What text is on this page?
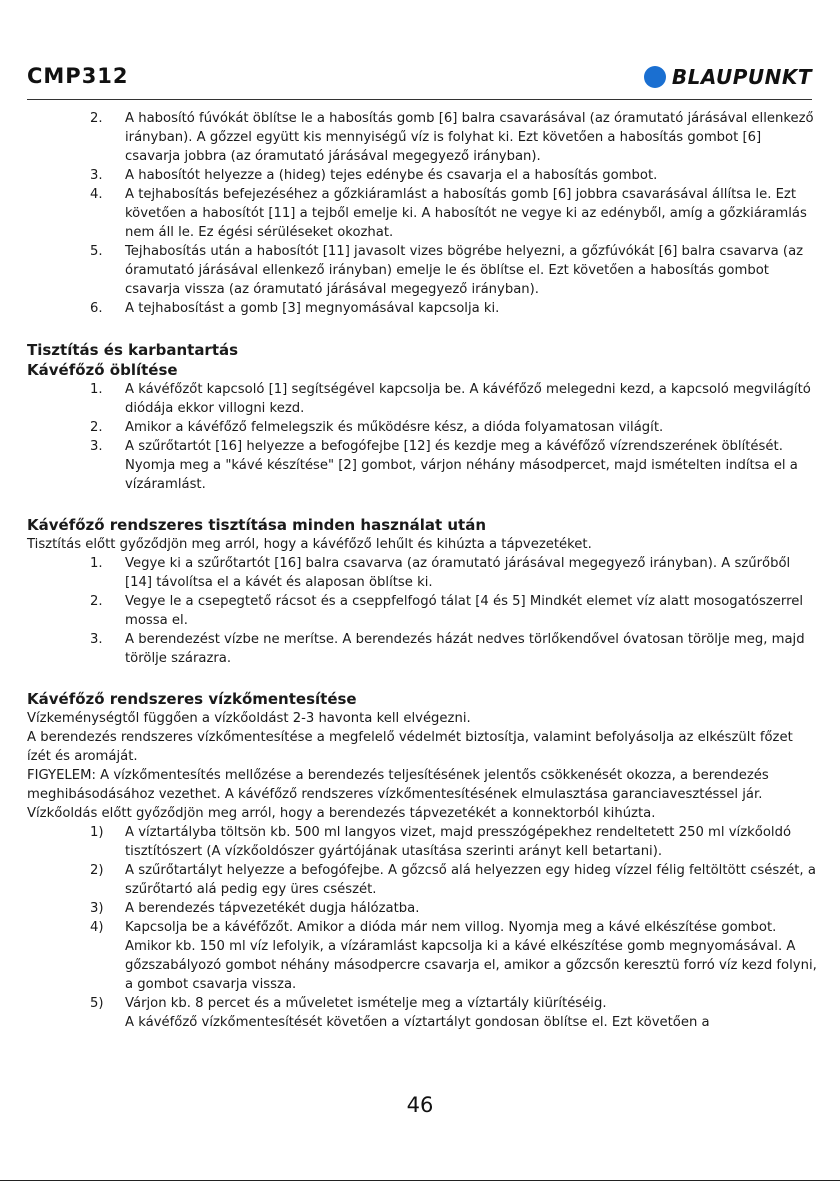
CMP312	BLAUPUNKT
2. A habosító fúvókát öblítse le a habosítás gomb [6] balra csavarásával (az óramutató járásával ellenkező irányban). A gőzzel együtt kis mennyiségű víz is folyhat ki. Ezt követően a habosítás gombot [6] csavarja jobbra (az óramutató járásával megegyező irányban).
3. A habosítót helyezze a (hideg) tejes edénybe és csavarja el a habosítás gombot.
4. A tejhabosítás befejezéséhez a gőzkiáramlást a habosítás gomb [6] jobbra csavarásával állítsa le. Ezt követően a habosítót [11] a tejből emelje ki. A habosítót ne vegye ki az edényből, amíg a gőzkiáramlás nem áll le. Ez égési sérüléseket okozhat.
5. Tejhabosítás után a habosítót [11] javasolt vizes bögrébe helyezni, a gőzfúvókát [6] balra csavarva (az óramutató járásával ellenkező irányban) emelje le és öblítse el. Ezt követően a habosítás gombot csavarja vissza (az óramutató járásával megegyező irányban).
6. A tejhabosítást a gomb [3] megnyomásával kapcsolja ki.
Tisztítás és karbantartás
Kávéfőző öblítése
1. A kávéfőzőt kapcsoló [1] segítségével kapcsolja be. A kávéfőző melegedni kezd, a kapcsoló megvilágító diódája ekkor villogni kezd.
2. Amikor a kávéfőző felmelegszik és működésre kész, a dióda folyamatosan világít.
3. A szűrőtartót [16] helyezze a befogófejbe [12] és kezdje meg a kávéfőző vízrendszerének öblítését. Nyomja meg a "kávé készítése" [2] gombot, várjon néhány másodpercet, majd ismételten indítsa el a vízáramlást.
Kávéfőző rendszeres tisztítása minden használat után

Tisztítás előtt győződjön meg arról, hogy a kávéfőző lehűlt és kihúzta a tápvezetéket.

1. Vegye ki a szűrőtartót [16] balra csavarva (az óramutató járásával megegyező irányban). A szűrőből [14] távolítsa el a kávét és alaposan öblítse ki.
2. Vegye le a csepegtető rácsot és a cseppfelfogó tálat [4 és 5] Mindkét elemet víz alatt mosogatószerrel mossa el.
3. A berendezést vízbe ne merítse. A berendezés házát nedves törlőkendővel óvatosan törölje meg, majd törölje szárazra.
Kávéfőző rendszeres vízkőmentesítése

Vízkeménységtől függően a vízkőoldást 2-3 havonta kell elvégezni.

A berendezés rendszeres vízkőmentesítése a megfelelő védelmét biztosítja, valamint befolyásolja az elkészült főzet ízét és aromáját.

FIGYELEM: A vízkőmentesítés mellőzése a berendezés teljesítésének jelentős csökkenését okozza, a berendezés meghibásodásához vezethet. A kávéfőző rendszeres vízkőmentesítésének elmulasztása garanciavesztéssel jár.

Vízkőoldás előtt győződjön meg arról, hogy a berendezés tápvezetékét a konnektorból kihúzta.

1) A víztartályba töltsön kb. 500 ml langyos vizet, majd presszógépekhez rendeltetett 250 ml vízkőoldó tisztítószert (A vízkőoldószer gyártójának utasítása szerinti arányt kell betartani).
2) A szűrőtartályt helyezze a befogófejbe. A gőzcső alá helyezzen egy hideg vízzel félig feltöltött csészét, a szűrőtartó alá pedig egy üres csészét.
3) A berendezés tápvezetékét dugja hálózatba.
4) Kapcsolja be a kávéfőzőt. Amikor a dióda már nem villog. Nyomja meg a kávé elkészítése gombot. Amikor kb. 150 ml víz lefolyik, a vízáramlást kapcsolja ki a kávé elkészítése gomb megnyomásával. A gőzszabályozó gombot néhány másodpercre csavarja el, amikor a gőzcsőn keresztü forró víz kezd folyni, a gombot csavarja vissza.
5) Várjon kb. 8 percet és a műveletet ismételje meg a víztartály kiürítéséig.
A kávéfőző vízkőmentesítését követően a víztartályt gondosan öblítse el. Ezt követően a
46
